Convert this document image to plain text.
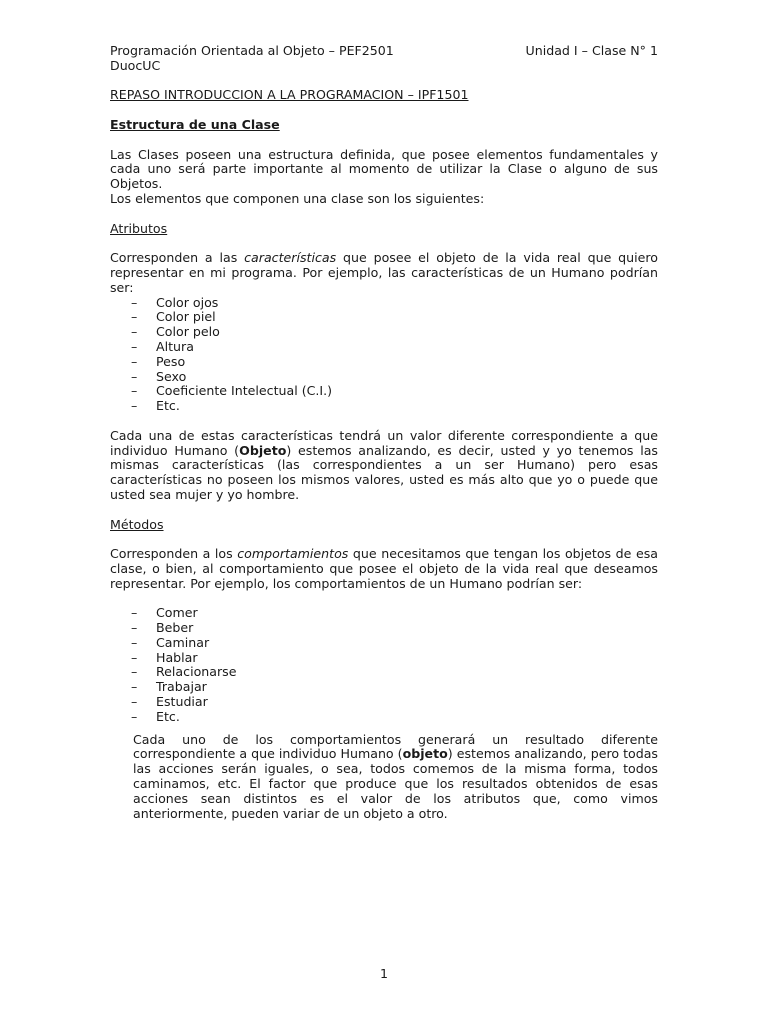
Programación Orientada al Objeto – PEF2501	Unidad I – Clase N° 1
DuocUC
REPASO INTRODUCCION A LA PROGRAMACION – IPF1501
Estructura de una Clase

Las Clases poseen una estructura definida, que posee elementos fundamentales y cada uno será parte importante al momento de utilizar la Clase o alguno de sus Objetos.

Los elementos que componen una clase son los siguientes:

Atributos

Corresponden a las características que posee el objeto de la vida real que quiero representar en mi programa. Por ejemplo, las características de un Humano podrían ser:

– Color ojos
– Color piel
– Color pelo
– Altura
– Peso
– Sexo
– Coeficiente Intelectual (C.I.)
– Etc.

Cada una de estas características tendrá un valor diferente correspondiente a que individuo Humano (Objeto) estemos analizando, es decir, usted y yo tenemos las mismas características (las correspondientes a un ser Humano) pero esas características no poseen los mismos valores, usted es más alto que yo o puede que usted sea mujer y yo hombre.

Métodos

Corresponden a los comportamientos que necesitamos que tengan los objetos de esa clase, o bien, al comportamiento que posee el objeto de la vida real que deseamos representar. Por ejemplo, los comportamientos de un Humano podrían ser:

– Comer
– Beber
– Caminar
– Hablar
– Relacionarse
– Trabajar
– Estudiar
– Etc.

Cada uno de los comportamientos generará un resultado diferente correspondiente a que individuo Humano (objeto) estemos analizando, pero todas las acciones serán iguales, o sea, todos comemos de la misma forma, todos caminamos, etc. El factor que produce que los resultados obtenidos de esas acciones sean distintos es el valor de los atributos que, como vimos anteriormente, pueden variar de un objeto a otro.

1
